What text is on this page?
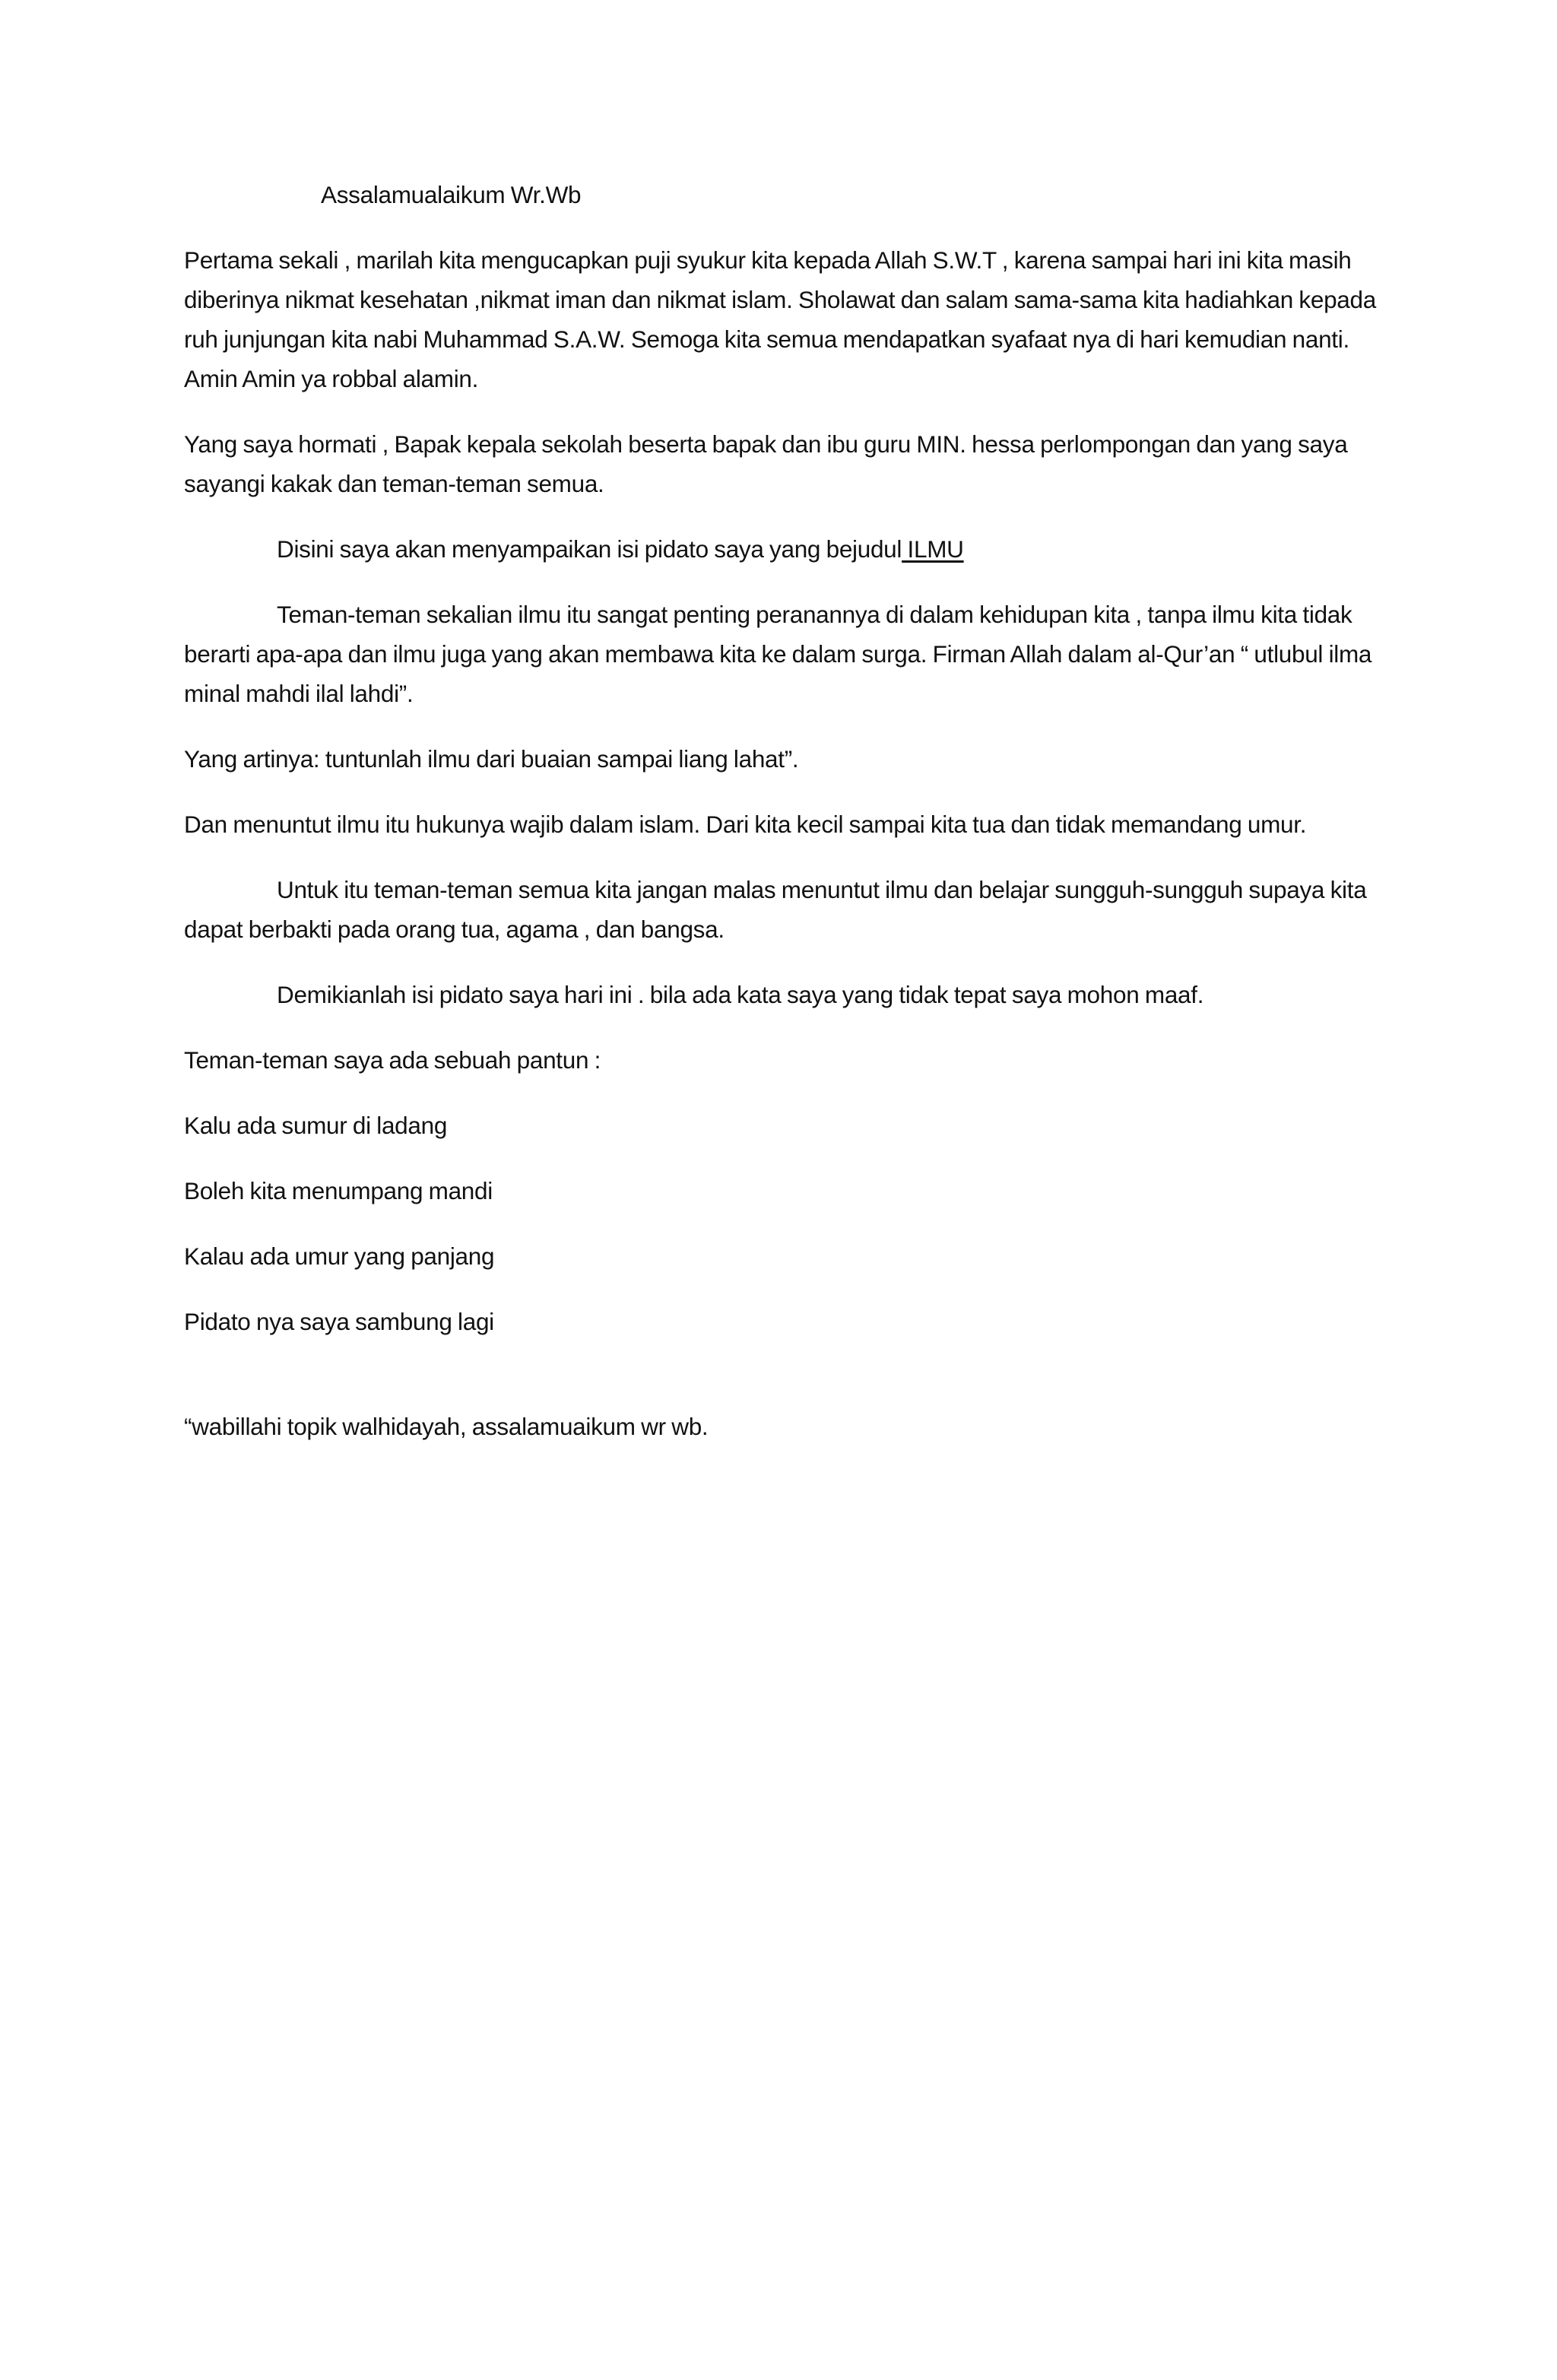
Assalamualaikum Wr.Wb

Pertama sekali , marilah kita mengucapkan puji syukur kita kepada Allah S.W.T , karena sampai hari ini kita masih diberinya nikmat kesehatan ,nikmat iman dan nikmat islam. Sholawat dan salam sama-sama kita hadiahkan kepada ruh junjungan kita nabi Muhammad S.A.W. Semoga kita semua mendapatkan syafaat nya di hari kemudian nanti. Amin Amin ya robbal alamin.

Yang saya hormati , Bapak kepala sekolah beserta bapak dan ibu guru MIN. hessa perlompongan dan yang saya sayangi kakak dan teman-teman semua.

Disini saya akan menyampaikan isi pidato saya yang bejudul ILMU

Teman-teman sekalian ilmu itu sangat penting peranannya di dalam kehidupan kita , tanpa ilmu kita tidak berarti apa-apa dan ilmu juga yang akan membawa kita ke dalam surga. Firman Allah dalam al-Qur’an “ utlubul ilma minal mahdi ilal lahdi”.

Yang artinya: tuntunlah ilmu dari buaian sampai liang lahat”.

Dan menuntut ilmu itu hukunya wajib dalam islam. Dari kita kecil sampai kita tua dan tidak memandang umur.

Untuk itu teman-teman semua kita jangan malas menuntut ilmu dan belajar sungguh-sungguh supaya kita dapat berbakti pada orang tua, agama , dan bangsa.

Demikianlah isi pidato saya hari ini . bila ada kata saya yang tidak tepat saya mohon maaf.

Teman-teman saya ada sebuah pantun :

Kalu ada sumur di ladang

Boleh kita menumpang mandi

Kalau ada umur yang panjang

Pidato nya saya sambung lagi

“wabillahi topik walhidayah, assalamuaikum wr wb.
